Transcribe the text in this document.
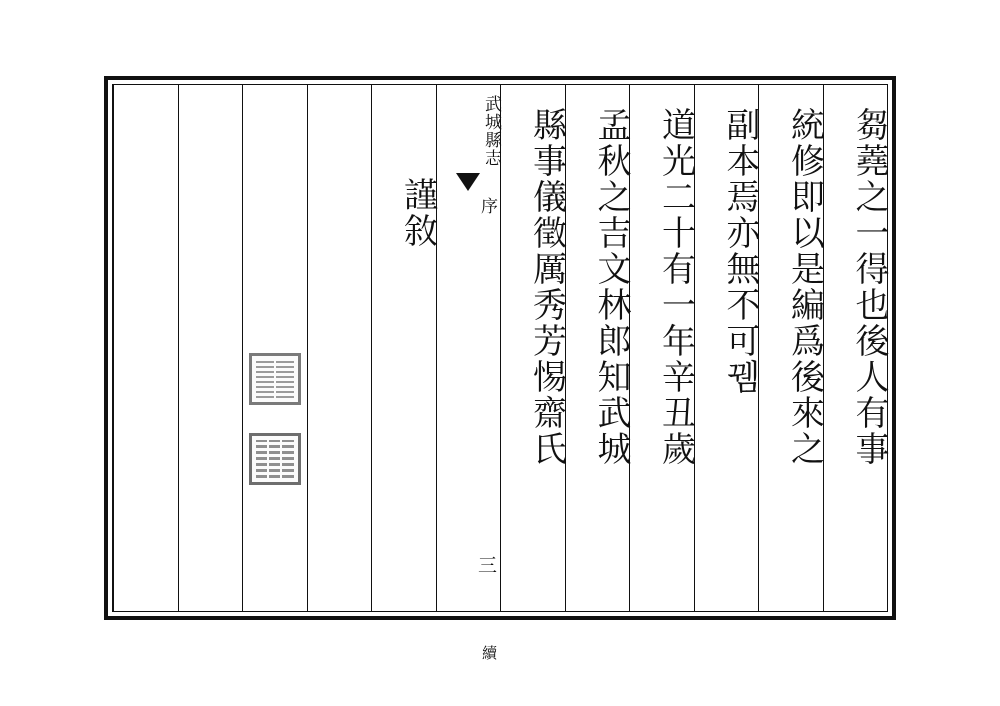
芻蕘之一得也後人有事
統修即以是編爲後來之
副本焉亦無不可뀀
道光二十有一年辛丑歲
孟秋之吉文林郎知武城
縣事儀徵厲秀芳惕齋氏
武城縣志
序
三
續
謹敘
